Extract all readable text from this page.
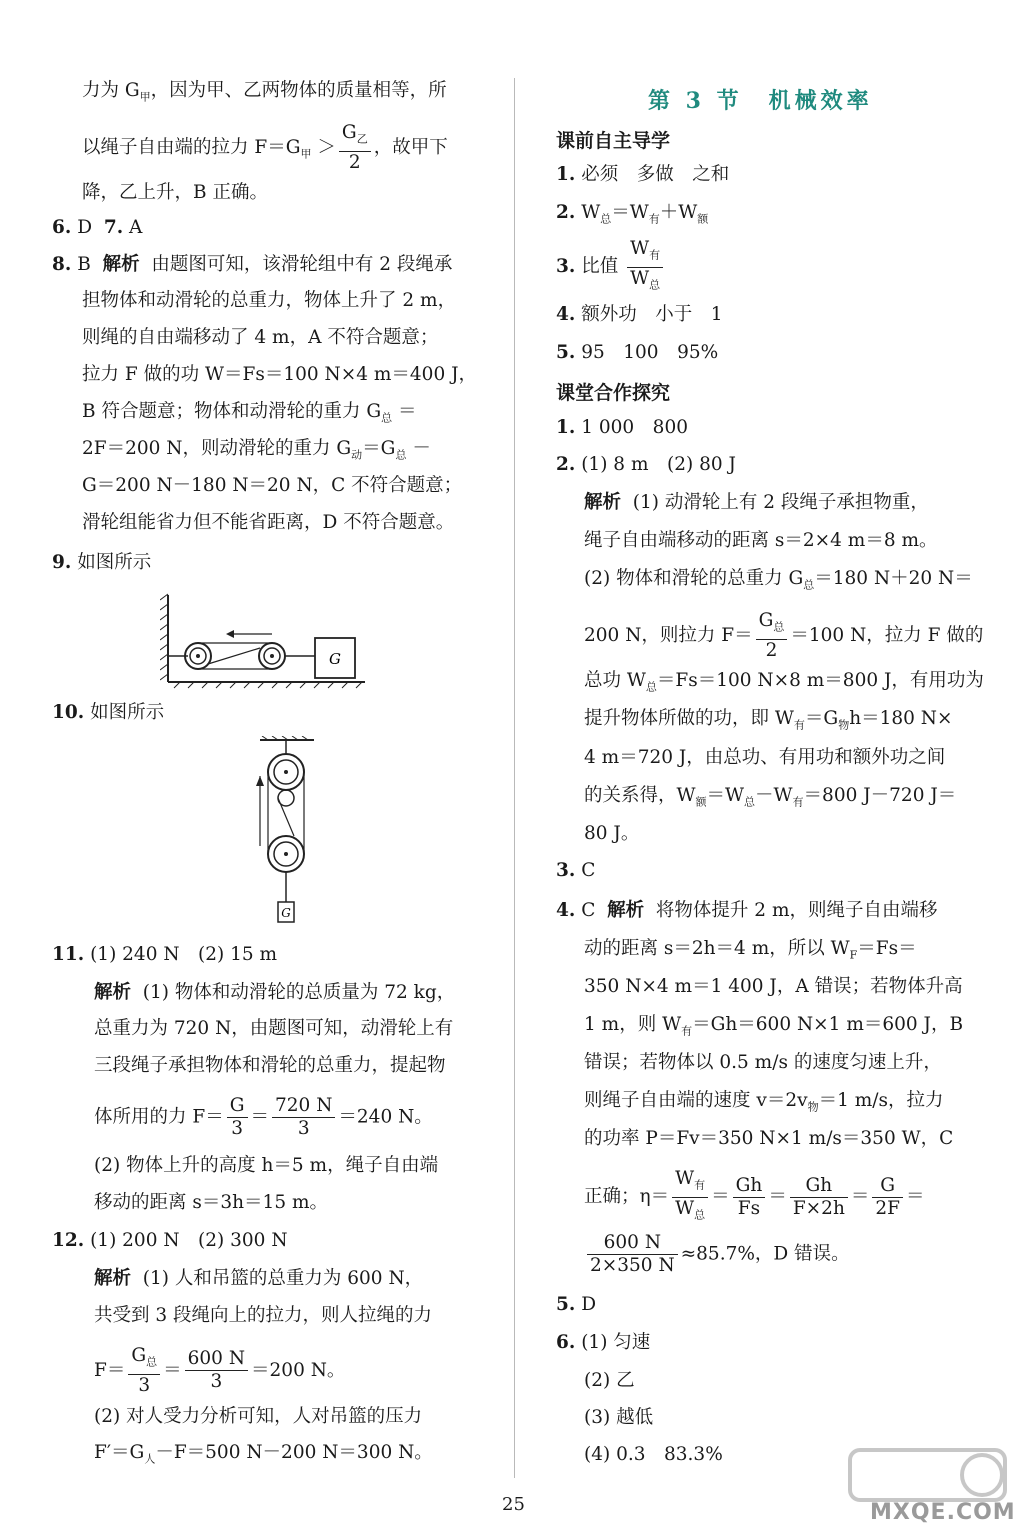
力为 $G_甲$，因为甲、乙两物体的质量相等，所
以绳子自由端的拉力 $F=G_甲 > \frac{G_乙}{2}$ ，故甲下
降，乙上升，B 正确。
6. D 7. A
8. B 解析 由题图可知，该滑轮组中有 2 段绳承
担物体和动滑轮的总重力，物体上升了 2 m，
则绳的自由端移动了 4 m，A 不符合题意；
拉力 F 做的功 W＝Fs＝100 N×4 m＝400 J，
B 符合题意；物体和动滑轮的重力 $G_总$ ＝
2F＝200 N，则动滑轮的重力 $G_动=G_总$ －
G＝200 N－180 N＝20 N，C 不符合题意；
滑轮组能省力但不能省距离，D 不符合题意。
9. 如图所示
G
10. 如图所示
G
11. (1) 240 N　(2) 15 m
解析 (1) 物体和动滑轮的总质量为 72 kg，
总重力为 720 N，由题图可知，动滑轮上有
三段绳子承担物体和滑轮的总重力，提起物
体所用的力 $F= \frac{G}{3} = \frac{720 N}{3} =240$ N。
(2) 物体上升的高度 h＝5 m，绳子自由端
移动的距离 s＝3h＝15 m。
12. (1) 200 N　(2) 300 N
解析 (1) 人和吊篮的总重力为 600 N，
共受到 3 段绳向上的拉力，则人拉绳的力
$F= \frac{G_总}{3} = \frac{600 N}{3} =200$ N。
(2) 对人受力分析可知，人对吊篮的压力
$F'=G_人-F=500$ N－200 N＝300 N。
第 3 节　机械效率
课前自主导学
1. 必须　多做　之和
2. $W_总=W_有+W_额$
3. 比值 $\frac{W_有}{W_总}$
4. 额外功　小于　1
5. 95　100　95%
课堂合作探究
1. 1 000　800
2. (1) 8 m　(2) 80 J
解析 (1) 动滑轮上有 2 段绳子承担物重，
绳子自由端移动的距离 s＝2×4 m＝8 m。
(2) 物体和滑轮的总重力 $G_总=180$ N＋20 N＝
200 N，则拉力 $F= \frac{G_总}{2} =100$ N，拉力 F 做的
总功 $W_总=Fs=100$ N×8 m＝800 J，有用功为
提升物体所做的功，即 $W_有=G_物h=180$ N×
4 m＝720 J，由总功、有用功和额外功之间
的关系得，$W_额=W_总-W_有=800$ J－720 J＝
80 J。
3. C
4. C 解析 将物体提升 2 m，则绳子自由端移
动的距离 s＝2h＝4 m，所以 $W_F=Fs=$
350 N×4 m＝1 400 J，A 错误；若物体升高
1 m，则 $W_有=Gh=600$ N×1 m＝600 J，B
错误；若物体以 0.5 m/s 的速度匀速上升，
则绳子自由端的速度 $v=2v_物=1$ m/s，拉力
的功率 P＝Fv＝350 N×1 m/s＝350 W，C
正确；$\eta= \frac{W_有}{W_总} = \frac{Gh}{Fs} = \frac{Gh}{F\times 2h} = \frac{G}{2F}$ ＝
$\frac{600 N}{2\times 350 N} \approx 85.7\%$，D 错误。
5. D
6. (1) 匀速
(2) 乙
(3) 越低
(4) 0.3　83.3%
25	MXQE.COM
